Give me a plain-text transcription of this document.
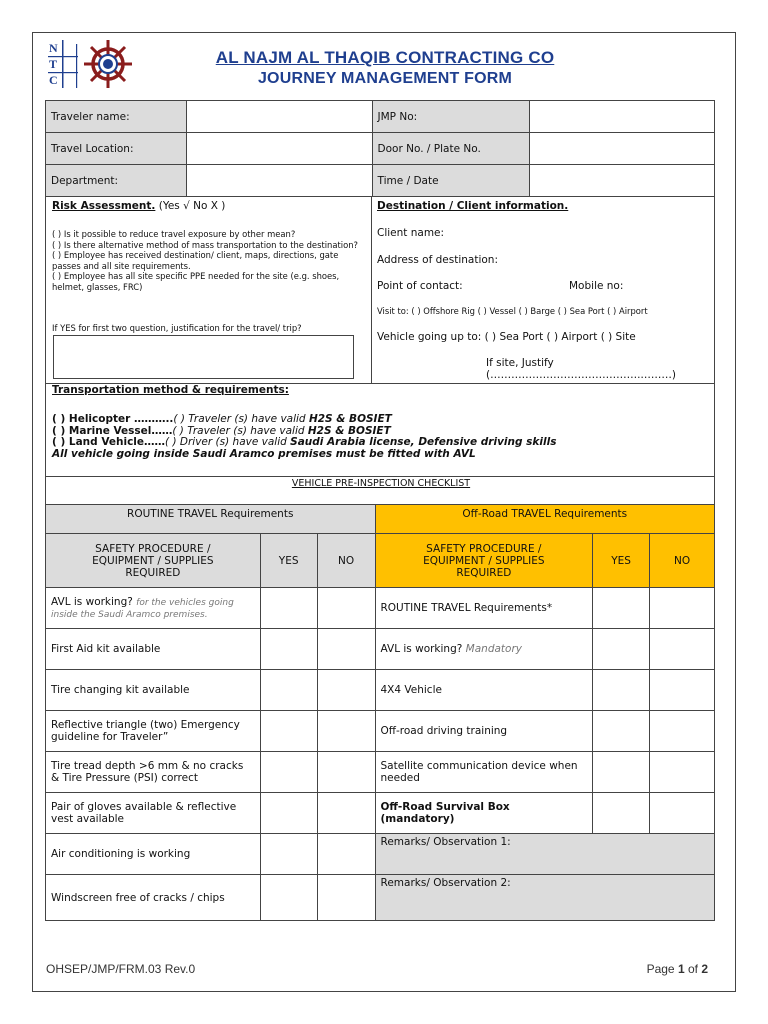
N
T
C
AL NAJM AL THAQIB CONTRACTING CO
JOURNEY MANAGEMENT FORM
Traveler name:		JMP No:	
Travel Location:		Door No. / Plate No.	
Department:		Time / Date	
Risk Assessment. (Yes √ No X )
( ) Is it possible to reduce travel exposure by other mean?
( ) Is there alternative method of mass transportation to the destination?
( ) Employee has received destination/ client, maps, directions, gate passes and all site requirements.
( ) Employee has all site specific PPE needed for the site (e.g. shoes, helmet, glasses, FRC)
If YES for first two question, justification for the travel/ trip?
Destination / Client information.
Client name:
Address of destination:
Point of contact:	Mobile no:
Visit to: ( ) Offshore Rig ( ) Vessel ( ) Barge ( ) Sea Port ( ) Airport
Vehicle going up to: ( ) Sea Port ( ) Airport ( ) Site
If site, Justify (…………………………………….………)
Transportation method & requirements:
( ) Helicopter ………..( ) Traveler (s) have valid H2S & BOSIET
( ) Marine Vessel……( ) Traveler (s) have valid H2S & BOSIET
( ) Land Vehicle……( ) Driver (s) have valid Saudi Arabia license, Defensive driving skills
All vehicle going inside Saudi Aramco premises must be fitted with AVL
VEHICLE PRE-INSPECTION CHECKLIST
ROUTINE TRAVEL Requirements			Off-Road TRAVEL Requirements		
SAFETY PROCEDURE / EQUIPMENT / SUPPLIES REQUIRED	YES	NO	SAFETY PROCEDURE / EQUIPMENT / SUPPLIES REQUIRED	YES	NO
AVL is working? for the vehicles going inside the Saudi Aramco premises.			ROUTINE TRAVEL Requirements*		
First Aid kit available			AVL is working? Mandatory		
Tire changing kit available			4X4 Vehicle		
Reflective triangle (two) Emergency guideline for Traveler”			Off-road driving training		
Tire tread depth >6 mm & no cracks & Tire Pressure (PSI) correct			Satellite communication device when needed		
Pair of gloves available & reflective vest available			Off-Road Survival Box (mandatory)		
Air conditioning is working			Remarks/ Observation 1:		
Windscreen free of cracks / chips			Remarks/ Observation 2:		
OHSEP/JMP/FRM.03 Rev.0	Page 1 of 2
